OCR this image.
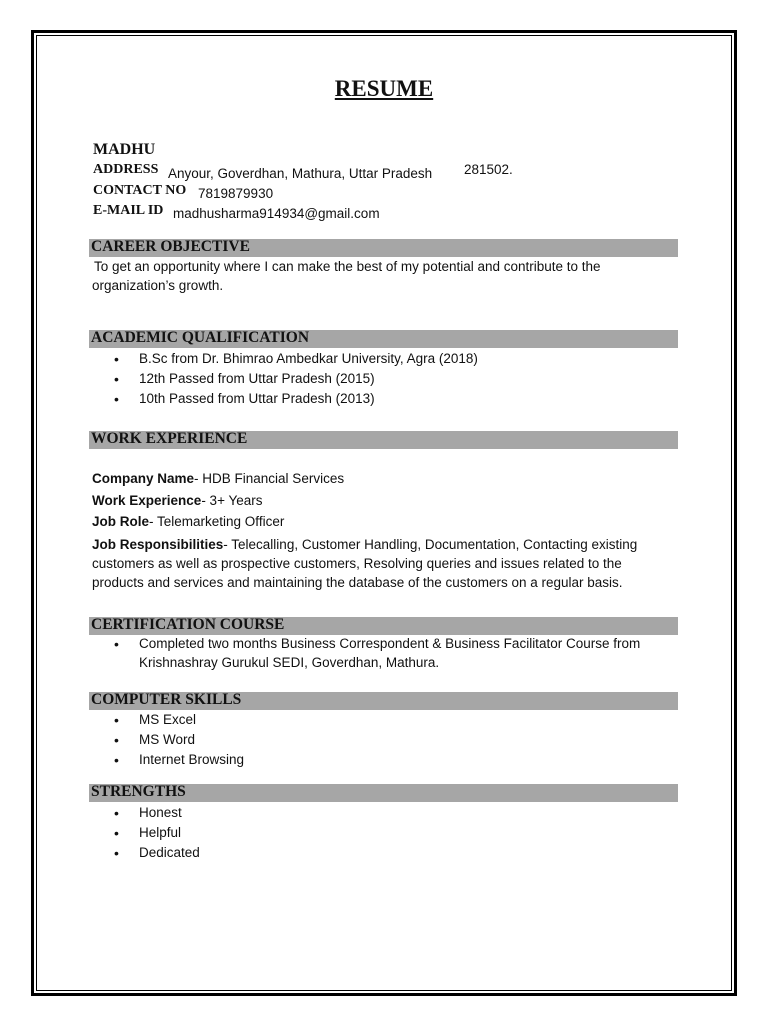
RESUME
MADHU
ADDRESS Anyour, Goverdhan, Mathura, Uttar Pradesh 281502.
CONTACT NO 7819879930
E-MAIL ID madhusharma914934@gmail.com
CAREER OBJECTIVE
To get an opportunity where I can make the best of my potential and contribute to the
organization’s growth.
ACADEMIC QUALIFICATION
• B.Sc from Dr. Bhimrao Ambedkar University, Agra (2018)
• 12th Passed from Uttar Pradesh (2015)
• 10th Passed from Uttar Pradesh (2013)
WORK EXPERIENCE
Company Name- HDB Financial Services
Work Experience- 3+ Years
Job Role- Telemarketing Officer
Job Responsibilities- Telecalling, Customer Handling, Documentation, Contacting existing
customers as well as prospective customers, Resolving queries and issues related to the
products and services and maintaining the database of the customers on a regular basis.
CERTIFICATION COURSE
• Completed two months Business Correspondent & Business Facilitator Course from
Krishnashray Gurukul SEDI, Goverdhan, Mathura.
COMPUTER SKILLS
• MS Excel
• MS Word
• Internet Browsing
STRENGTHS
• Honest
• Helpful
• Dedicated
